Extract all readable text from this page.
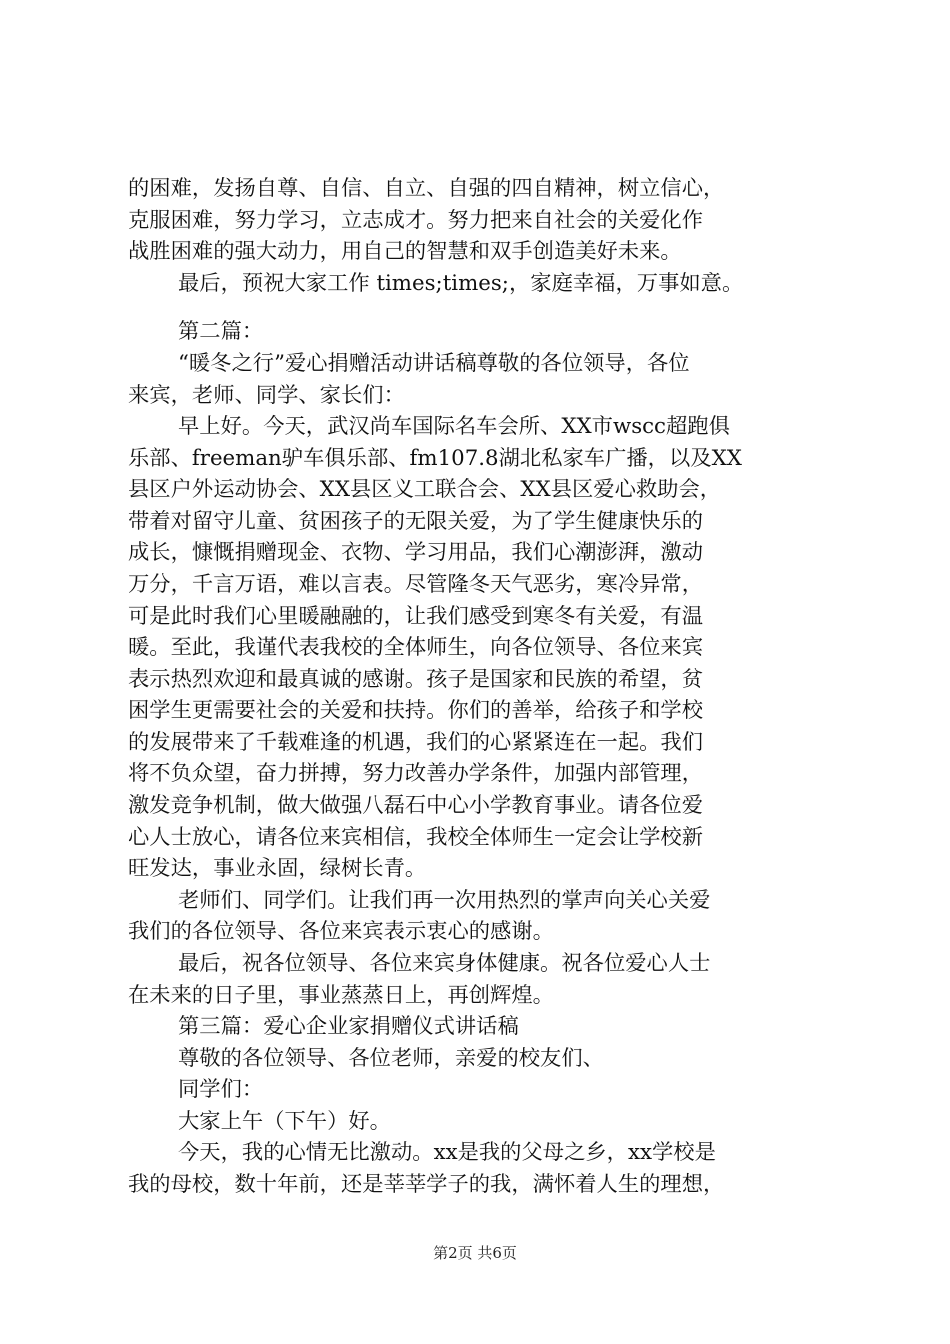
的困难，发扬自尊、自信、自立、自强的四自精神，树立信心，
克服困难，努力学习，立志成才。努力把来自社会的关爱化作
战胜困难的强大动力，用自己的智慧和双手创造美好未来。
最后，预祝大家工作 times;times;，家庭幸福，万事如意。
第二篇：
“暖冬之行”爱心捐赠活动讲话稿尊敬的各位领导，各位
来宾，老师、同学、家长们：
早上好。今天，武汉尚车国际名车会所、XX市wscc超跑俱
乐部、freeman驴车俱乐部、fm107.8湖北私家车广播，以及XX
县区户外运动协会、XX县区义工联合会、XX县区爱心救助会，
带着对留守儿童、贫困孩子的无限关爱，为了学生健康快乐的
成长，慷慨捐赠现金、衣物、学习用品，我们心潮澎湃，激动
万分，千言万语，难以言表。尽管隆冬天气恶劣，寒冷异常，
可是此时我们心里暖融融的，让我们感受到寒冬有关爱，有温
暖。至此，我谨代表我校的全体师生，向各位领导、各位来宾
表示热烈欢迎和最真诚的感谢。孩子是国家和民族的希望，贫
困学生更需要社会的关爱和扶持。你们的善举，给孩子和学校
的发展带来了千载难逢的机遇，我们的心紧紧连在一起。我们
将不负众望，奋力拼搏，努力改善办学条件，加强内部管理，
激发竞争机制，做大做强八磊石中心小学教育事业。请各位爱
心人士放心，请各位来宾相信，我校全体师生一定会让学校新
旺发达，事业永固，绿树长青。
老师们、同学们。让我们再一次用热烈的掌声向关心关爱
我们的各位领导、各位来宾表示衷心的感谢。
最后，祝各位领导、各位来宾身体健康。祝各位爱心人士
在未来的日子里，事业蒸蒸日上，再创辉煌。
第三篇：爱心企业家捐赠仪式讲话稿
尊敬的各位领导、各位老师，亲爱的校友们、
同学们：
大家上午（下午）好。
今天，我的心情无比激动。xx是我的父母之乡，xx学校是
我的母校，数十年前，还是莘莘学子的我，满怀着人生的理想，
第2页 共6页
